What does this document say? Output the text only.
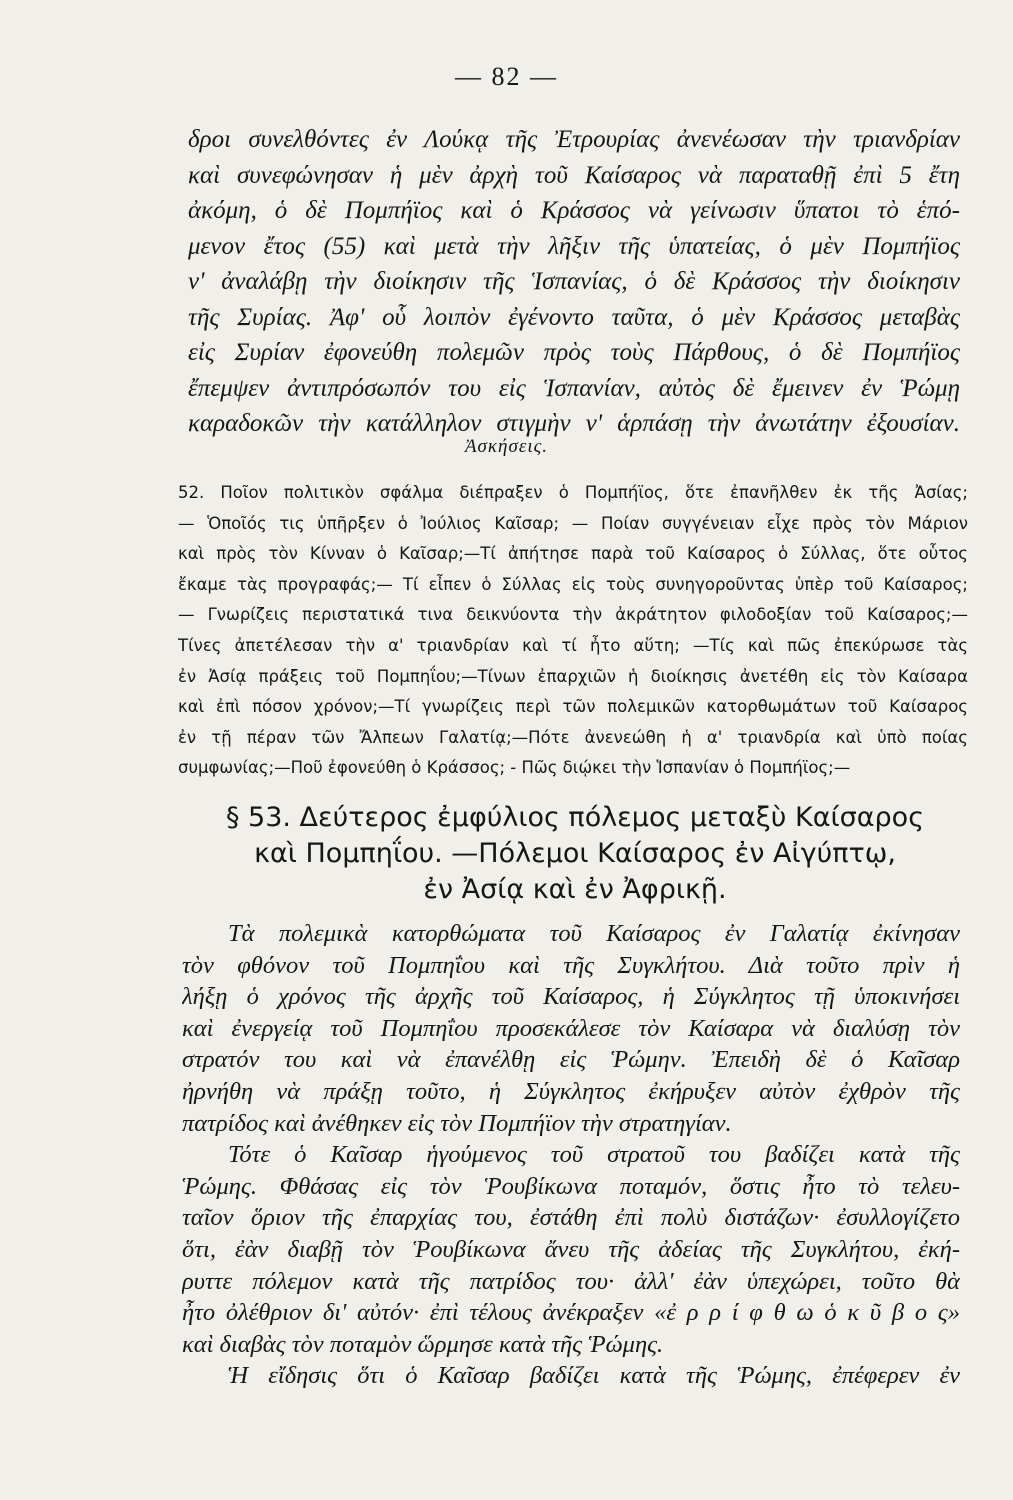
— 82 —
δροι συνελθόντες ἐν Λούκᾳ τῆς Ἐτρουρίας ἀνενέωσαν τὴν τριανδρίαν
καὶ συνεφώνησαν ἡ μὲν ἀρχὴ τοῦ Καίσαρος νὰ παραταθῇ ἐπὶ 5 ἔτη
ἀκόμη, ὁ δὲ Πομπήϊος καὶ ὁ Κράσσος νὰ γείνωσιν ὕπατοι τὸ ἑπό-
μενον ἔτος (55) καὶ μετὰ τὴν λῆξιν τῆς ὑπατείας, ὁ μὲν Πομπήϊος
ν' ἀναλάβῃ τὴν διοίκησιν τῆς Ἱσπανίας, ὁ δὲ Κράσσος τὴν διοίκησιν
τῆς Συρίας. Ἀφ' οὗ λοιπὸν ἐγένοντο ταῦτα, ὁ μὲν Κράσσος μεταβὰς
εἰς Συρίαν ἐφονεύθη πολεμῶν πρὸς τοὺς Πάρθους, ὁ δὲ Πομπήϊος
ἔπεμψεν ἀντιπρόσωπόν του εἰς Ἱσπανίαν, αὐτὸς δὲ ἔμεινεν ἐν Ῥώμῃ
καραδοκῶν τὴν κατάλληλον στιγμὴν ν' ἁρπάσῃ τὴν ἀνωτάτην ἐξουσίαν.
Ἀσκήσεις.
52. Ποῖον πολιτικὸν σφάλμα διέπραξεν ὁ Πομπήϊος, ὅτε ἐπανῆλθεν ἐκ τῆς Ἀσίας;
— Ὁποῖός τις ὑπῆρξεν ὁ Ἰούλιος Καῖσαρ; — Ποίαν συγγένειαν εἶχε πρὸς τὸν Μάριον
καὶ πρὸς τὸν Κίνναν ὁ Καῖσαρ;—Τί ἀπήτησε παρὰ τοῦ Καίσαρος ὁ Σύλλας, ὅτε οὗτος
ἔκαμε τὰς προγραφάς;— Τί εἶπεν ὁ Σύλλας εἰς τοὺς συνηγοροῦντας ὑπὲρ τοῦ Καίσαρος;
— Γνωρίζεις περιστατικά τινα δεικνύοντα τὴν ἀκράτητον φιλοδοξίαν τοῦ Καίσαρος;—
Τίνες ἀπετέλεσαν τὴν α' τριανδρίαν καὶ τί ἦτο αὕτη; —Τίς καὶ πῶς ἐπεκύρωσε τὰς
ἐν Ἀσίᾳ πράξεις τοῦ Πομπηΐου;—Τίνων ἐπαρχιῶν ἡ διοίκησις ἀνετέθη εἰς τὸν Καίσαρα
καὶ ἐπὶ πόσον χρόνον;—Τί γνωρίζεις περὶ τῶν πολεμικῶν κατορθωμάτων τοῦ Καίσαρος
ἐν τῇ πέραν τῶν Ἄλπεων Γαλατίᾳ;—Πότε ἀνενεώθη ἡ α' τριανδρία καὶ ὑπὸ ποίας
συμφωνίας;—Ποῦ ἐφονεύθη ὁ Κράσσος; - Πῶς διῴκει τὴν Ἱσπανίαν ὁ Πομπήϊος;—
§ 53. Δεύτερος ἐμφύλιος πόλεμος μεταξὺ Καίσαρος
καὶ Πομπηΐου. —Πόλεμοι Καίσαρος ἐν Αἰγύπτῳ,
ἐν Ἀσίᾳ καὶ ἐν Ἀφρικῇ.
Τὰ πολεμικὰ κατορθώματα τοῦ Καίσαρος ἐν Γαλατίᾳ ἐκίνησαν
τὸν φθόνον τοῦ Πομπηΐου καὶ τῆς Συγκλήτου. Διὰ τοῦτο πρὶν ἡ
λήξῃ ὁ χρόνος τῆς ἀρχῆς τοῦ Καίσαρος, ἡ Σύγκλητος τῇ ὑποκινήσει
καὶ ἐνεργείᾳ τοῦ Πομπηΐου προσεκάλεσε τὸν Καίσαρα νὰ διαλύσῃ τὸν
στρατόν του καὶ νὰ ἐπανέλθῃ εἰς Ῥώμην. Ἐπειδὴ δὲ ὁ Καῖσαρ
ἠρνήθη νὰ πράξῃ τοῦτο, ἡ Σύγκλητος ἐκήρυξεν αὐτὸν ἐχθρὸν τῆς
πατρίδος καὶ ἀνέθηκεν εἰς τὸν Πομπήϊον τὴν στρατηγίαν.
Τότε ὁ Καῖσαρ ἡγούμενος τοῦ στρατοῦ του βαδίζει κατὰ τῆς
Ῥώμης. Φθάσας εἰς τὸν Ῥουβίκωνα ποταμόν, ὅστις ἦτο τὸ τελευ-
ταῖον ὅριον τῆς ἐπαρχίας του, ἐστάθη ἐπὶ πολὺ διστάζων· ἐσυλλογίζετο
ὅτι, ἐὰν διαβῇ τὸν Ῥουβίκωνα ἄνευ τῆς ἀδείας τῆς Συγκλήτου, ἐκή-
ρυττε πόλεμον κατὰ τῆς πατρίδος του· ἀλλ' ἐὰν ὑπεχώρει, τοῦτο θὰ
ἦτο ὀλέθριον δι' αὐτόν· ἐπὶ τέλους ἀνέκραξεν «ἐ ρ ρ ί φ θ ω ὁ κ ῦ β ο ς»
καὶ διαβὰς τὸν ποταμὸν ὥρμησε κατὰ τῆς Ῥώμης.
Ἡ εἴδησις ὅτι ὁ Καῖσαρ βαδίζει κατὰ τῆς Ῥώμης, ἐπέφερεν ἐν
